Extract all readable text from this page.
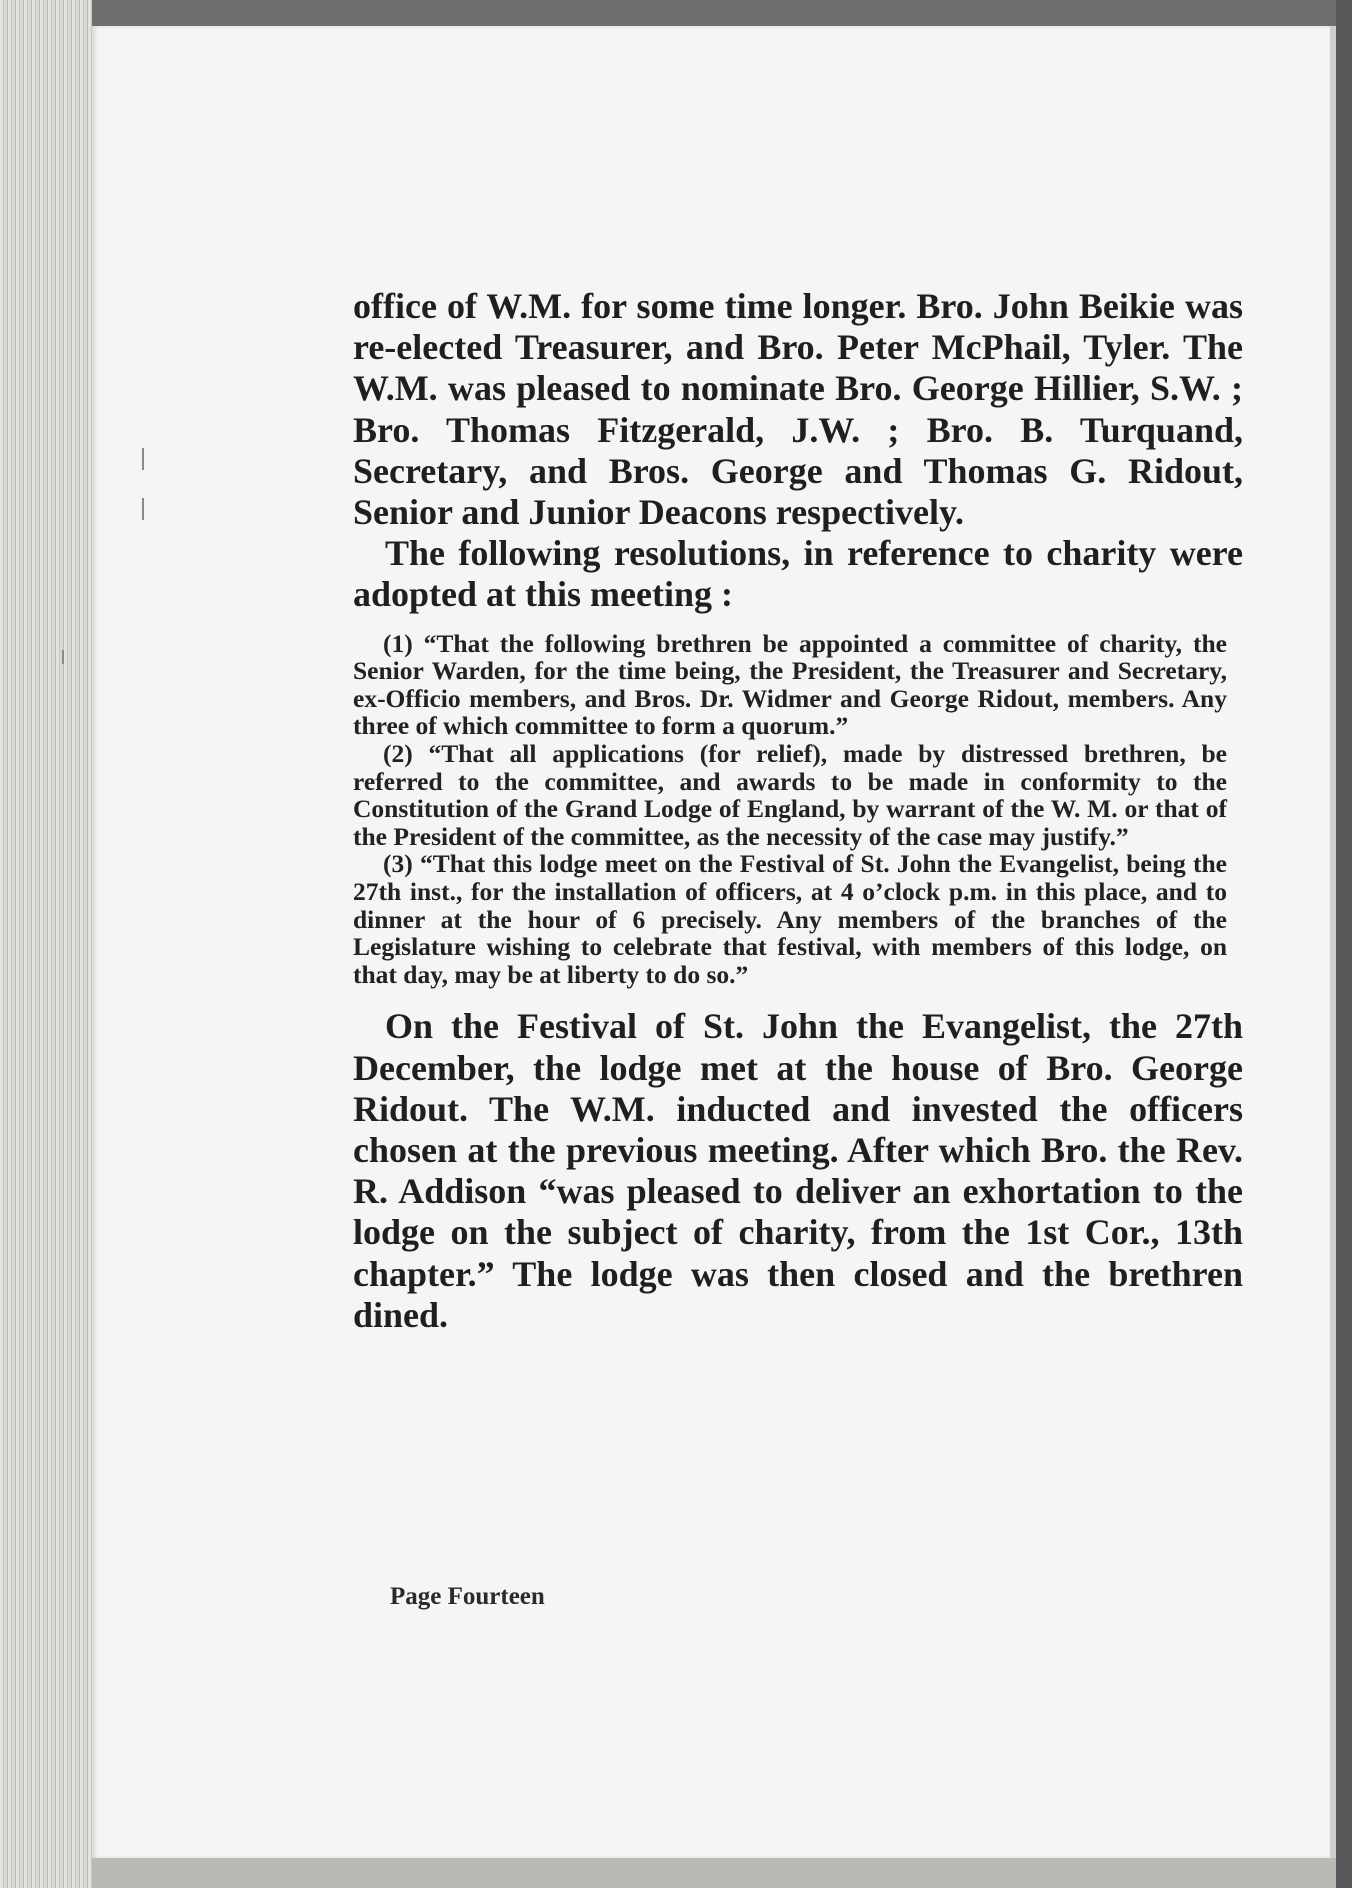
office of W.M. for some time longer. Bro. John Beikie was re-elected Treasurer, and Bro. Peter McPhail, Tyler. The W.M. was pleased to nominate Bro. George Hillier, S.W. ; Bro. Thomas Fitzgerald, J.W. ; Bro. B. Turquand, Secretary, and Bros. George and Thomas G. Ridout, Senior and Junior Deacons respectively.

The following resolutions, in reference to charity were adopted at this meeting :

(1) “That the following brethren be appointed a committee of charity, the Senior Warden, for the time being, the President, the Treasurer and Secretary, ex-Officio members, and Bros. Dr. Widmer and George Ridout, members. Any three of which committee to form a quorum.”

(2) “That all applications (for relief), made by distressed brethren, be referred to the committee, and awards to be made in conformity to the Constitution of the Grand Lodge of England, by warrant of the W. M. or that of the President of the committee, as the necessity of the case may justify.”

(3) “That this lodge meet on the Festival of St. John the Evangelist, being the 27th inst., for the installation of officers, at 4 o’clock p.m. in this place, and to dinner at the hour of 6 precisely. Any members of the branches of the Legislature wishing to celebrate that festival, with members of this lodge, on that day, may be at liberty to do so.”

On the Festival of St. John the Evangelist, the 27th December, the lodge met at the house of Bro. George Ridout. The W.M. inducted and invested the officers chosen at the previous meeting. After which Bro. the Rev. R. Addison “was pleased to deliver an exhortation to the lodge on the subject of charity, from the 1st Cor., 13th chapter.” The lodge was then closed and the brethren dined.

Page Fourteen
